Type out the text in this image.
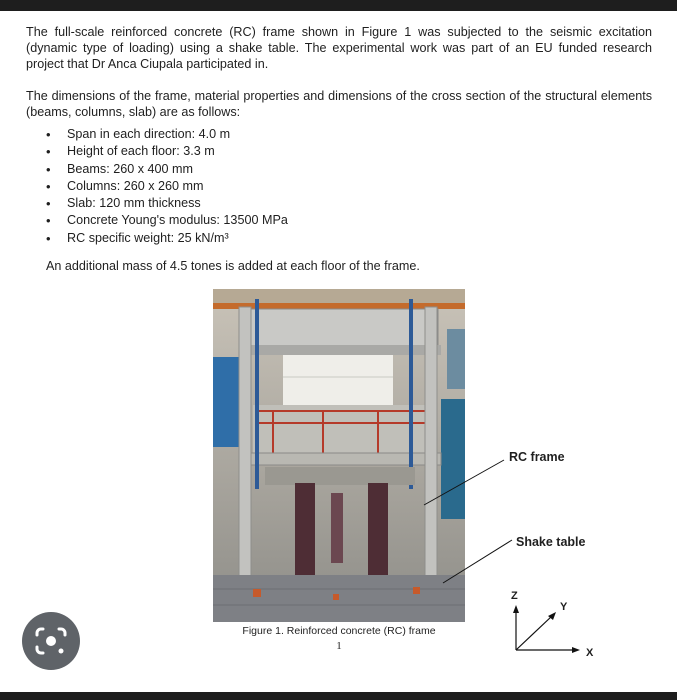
The full-scale reinforced concrete (RC) frame shown in Figure 1 was subjected to the seismic excitation (dynamic type of loading) using a shake table. The experimental work was part of an EU funded research project that Dr Anca Ciupala participated in.

The dimensions of the frame, material properties and dimensions of the cross section of the structural elements (beams, columns, slab) are as follows:

• Span in each direction: 4.0 m
• Height of each floor: 3.3 m
• Beams: 260 x 400 mm
• Columns: 260 x 260 mm
• Slab: 120 mm thickness
• Concrete Young's modulus: 13500 MPa
• RC specific weight: 25 kN/m³

An additional mass of 4.5 tones is added at each floor of the frame.

Figure 1. Reinforced concrete (RC) frame

1

RC frame

Shake table

Z
Y
X
